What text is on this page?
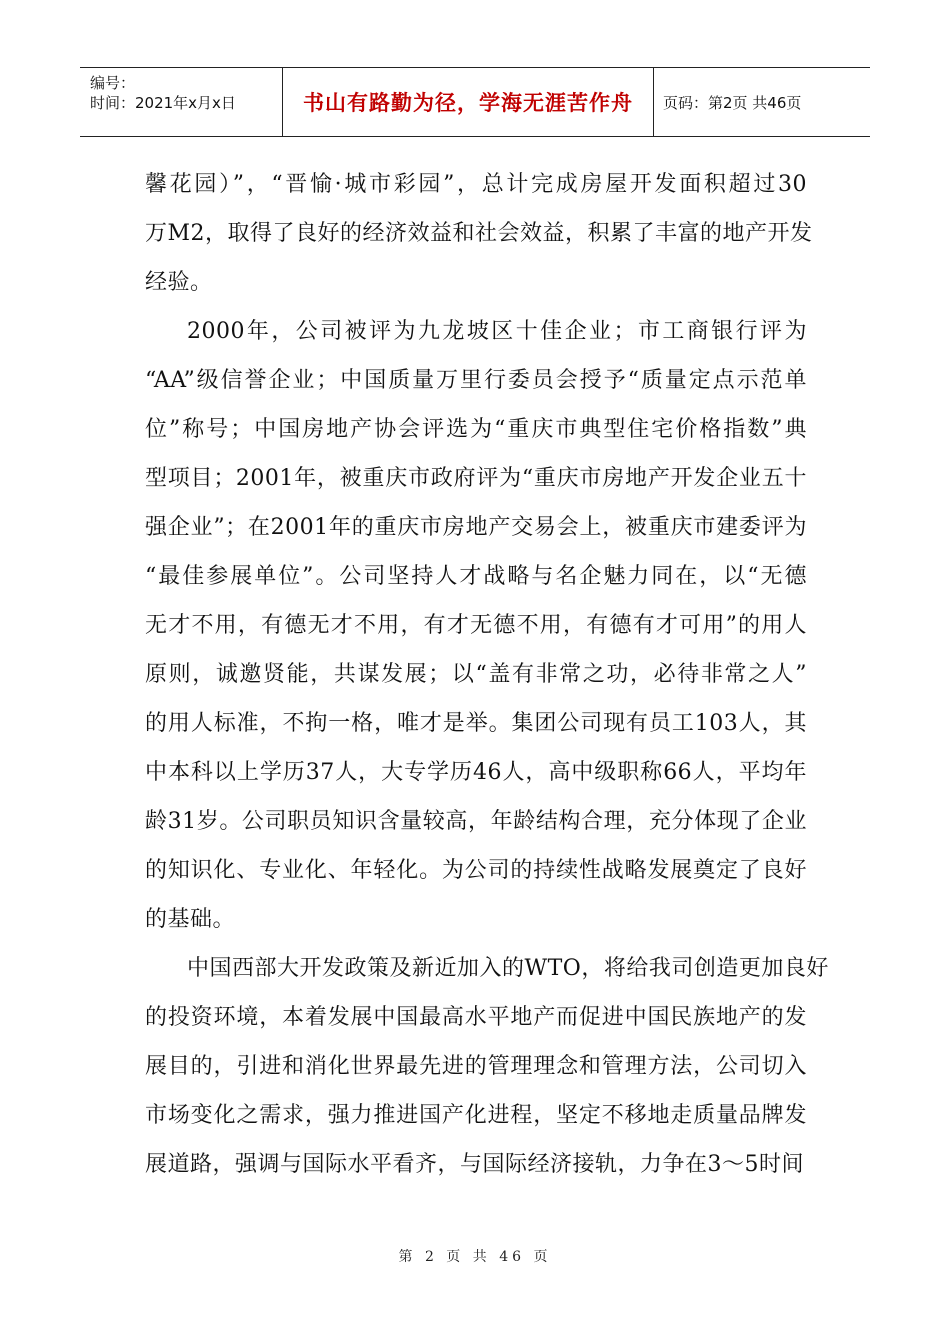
编号：
时间：2021年x月x日	书山有路勤为径，学海无涯苦作舟	页码：第2页 共46页
馨花园）”，“晋愉·城市彩园”，总计完成房屋开发面积超过30
万M2，取得了良好的经济效益和社会效益，积累了丰富的地产开发
经验。
2000年，公司被评为九龙坡区十佳企业；市工商银行评为
“AA”级信誉企业；中国质量万里行委员会授予“质量定点示范单
位”称号；中国房地产协会评选为“重庆市典型住宅价格指数”典
型项目；2001年，被重庆市政府评为“重庆市房地产开发企业五十
强企业”；在2001年的重庆市房地产交易会上，被重庆市建委评为
“最佳参展单位”。公司坚持人才战略与名企魅力同在，以“无德
无才不用，有德无才不用，有才无德不用，有德有才可用”的用人
原则，诚邀贤能，共谋发展；以“盖有非常之功，必待非常之人”
的用人标准，不拘一格，唯才是举。集团公司现有员工103人，其
中本科以上学历37人，大专学历46人，高中级职称66人，平均年
龄31岁。公司职员知识含量较高，年龄结构合理，充分体现了企业
的知识化、专业化、年轻化。为公司的持续性战略发展奠定了良好
的基础。
中国西部大开发政策及新近加入的WTO，将给我司创造更加良好
的投资环境，本着发展中国最高水平地产而促进中国民族地产的发
展目的，引进和消化世界最先进的管理理念和管理方法，公司切入
市场变化之需求，强力推进国产化进程，坚定不移地走质量品牌发
展道路，强调与国际水平看齐，与国际经济接轨，力争在3～5时间
第 2 页 共 46 页
